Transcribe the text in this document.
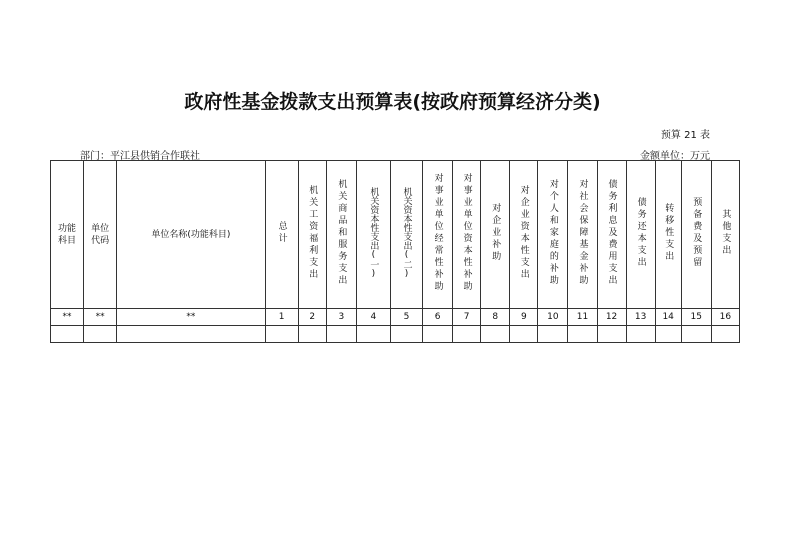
政府性基金拨款支出预算表(按政府预算经济分类)
预算 21 表
部门：平江县供销合作联社	金额单位：万元
功能科目	单位代码	单位名称(功能科目)	总计	机关工资福利支出	机关商品和服务支出	机关资本性支出(一)	机关资本性支出(二)	对事业单位经常性补助	对事业单位资本性补助	对企业补助	对企业资本性支出	对个人和家庭的补助	对社会保障基金补助	债务利息及费用支出	债务还本支出	转移性支出	预备费及预留	其他支出
**	**	**	1	2	3	4	5	6	7	8	9	10	11	12	13	14	15	16
